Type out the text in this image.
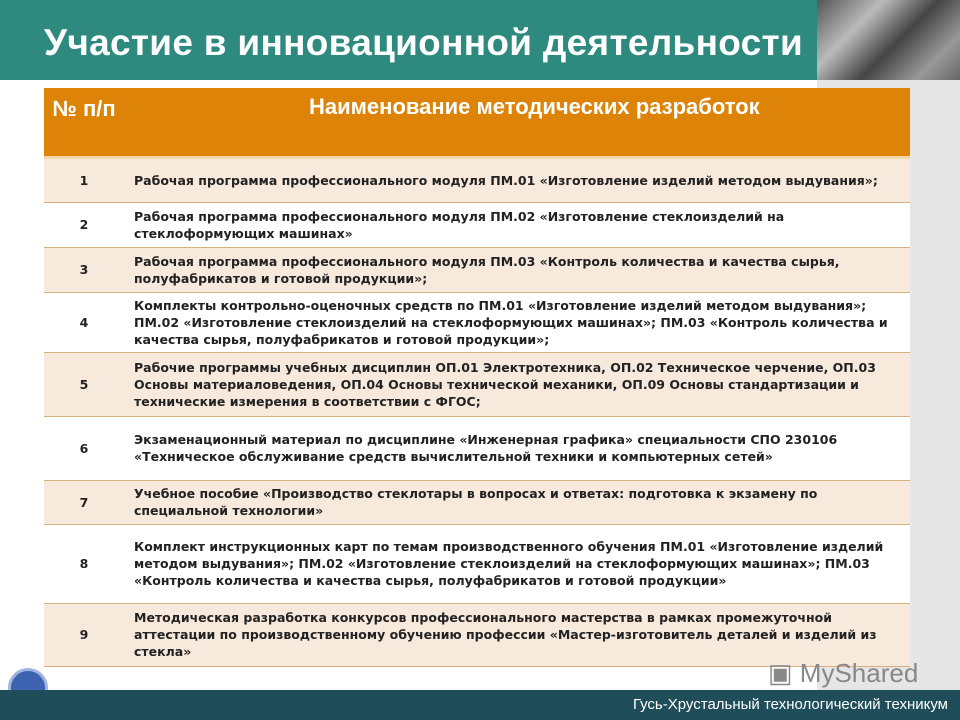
Участие в инновационной деятельности
№ п/п	Наименование методических разработок
1	Рабочая программа профессионального модуля ПМ.01 «Изготовление изделий методом выдувания»;
2	Рабочая программа профессионального модуля ПМ.02 «Изготовление стеклоизделий на стеклоформующих машинах»
3	Рабочая программа профессионального модуля ПМ.03 «Контроль количества и качества сырья, полуфабрикатов и готовой продукции»;
4	Комплекты контрольно-оценочных средств по ПМ.01 «Изготовление изделий методом выдувания»; ПМ.02 «Изготовление стеклоизделий на стеклоформующих машинах»; ПМ.03 «Контроль количества и качества сырья, полуфабрикатов и готовой продукции»;
5	Рабочие программы учебных дисциплин ОП.01 Электротехника, ОП.02 Техническое черчение, ОП.03 Основы материаловедения, ОП.04 Основы технической механики, ОП.09 Основы стандартизации и технические измерения в соответствии с ФГОС;
6	Экзаменационный материал по дисциплине «Инженерная графика» специальности СПО 230106 «Техническое обслуживание средств вычислительной техники и компьютерных сетей»
7	Учебное пособие «Производство стеклотары в вопросах и ответах: подготовка к экзамену по специальной технологии»
8	Комплект инструкционных карт по темам производственного обучения ПМ.01 «Изготовление изделий методом выдувания»; ПМ.02 «Изготовление стеклоизделий на стеклоформующих машинах»; ПМ.03 «Контроль количества и качества сырья, полуфабрикатов и готовой продукции»
9	Методическая разработка конкурсов профессионального мастерства в рамках промежуточной аттестации по производственному обучению профессии «Мастер-изготовитель деталей и изделий из стекла»
▣ MyShared
Гусь-Хрустальный технологический техникум
